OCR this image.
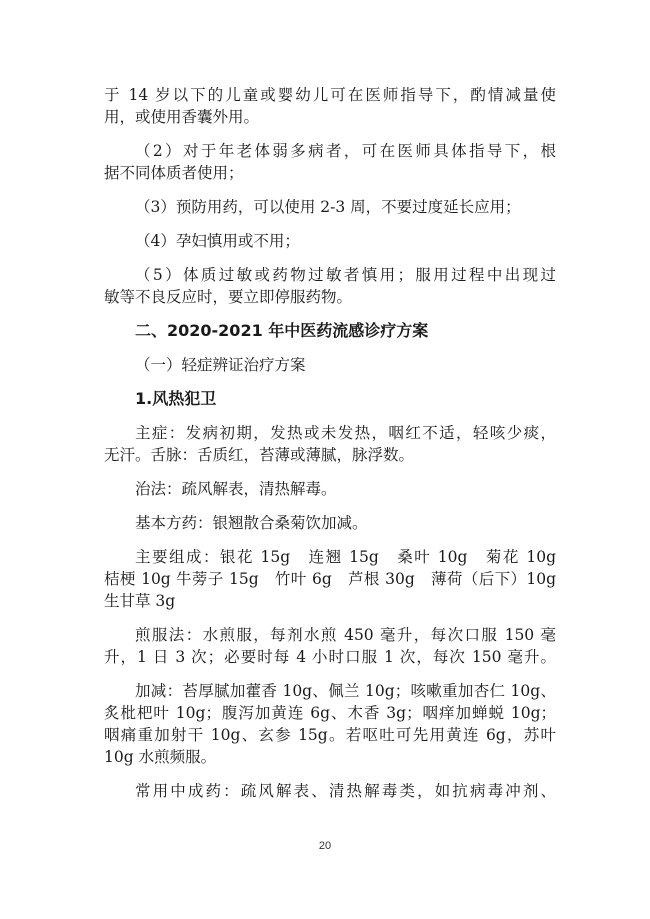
于 14 岁以下的儿童或婴幼儿可在医师指导下，酌情减量使
用，或使用香囊外用。
（2）对于年老体弱多病者，可在医师具体指导下，根
据不同体质者使用；
（3）预防用药，可以使用 2-3 周，不要过度延长应用；
（4）孕妇慎用或不用；
（5）体质过敏或药物过敏者慎用；服用过程中出现过
敏等不良反应时，要立即停服药物。
二、2020-2021 年中医药流感诊疗方案
（一）轻症辨证治疗方案
1.风热犯卫
主症：发病初期，发热或未发热，咽红不适，轻咳少痰，
无汗。舌脉：舌质红，苔薄或薄腻，脉浮数。
治法：疏风解表，清热解毒。
基本方药：银翘散合桑菊饮加减。
主要组成：银花 15g　连翘 15g　桑叶 10g　菊花 10g
桔梗 10g 牛蒡子 15g　竹叶 6g　芦根 30g　薄荷（后下）10g
生甘草 3g
煎服法：水煎服，每剂水煎 450 毫升，每次口服 150 毫
升，1 日 3 次；必要时每 4 小时口服 1 次，每次 150 毫升。
加减：苔厚腻加藿香 10g、佩兰 10g；咳嗽重加杏仁 10g、
炙枇杷叶 10g；腹泻加黄连 6g、木香 3g；咽痒加蝉蜕 10g；
咽痛重加射干 10g、玄参 15g。若呕吐可先用黄连 6g，苏叶
10g 水煎频服。
常用中成药：疏风解表、清热解毒类，如抗病毒冲剂、
20
